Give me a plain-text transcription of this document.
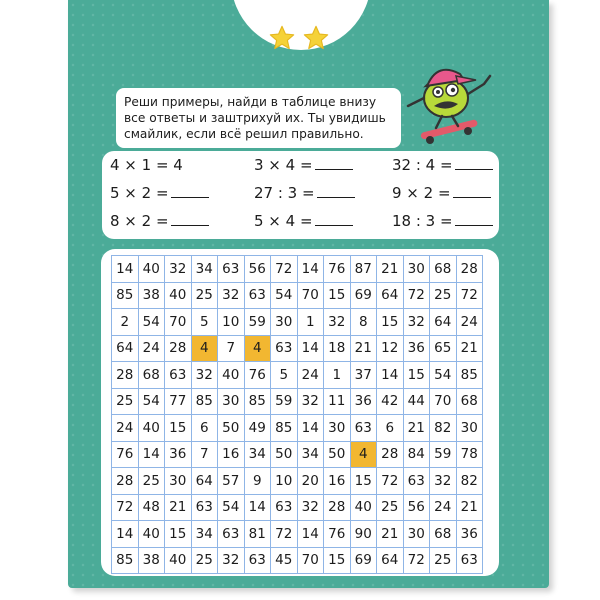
Реши примеры, найди в таблице внизу
все ответы и заштрихуй их. Ты увидишь
смайлик, если всё решил правильно.
4 × 1 = 4	3 × 4 =	32 : 4 =
5 × 2 =	27 : 3 =	9 × 2 =
8 × 2 =	5 × 4 =	18 : 3 =
14	40	32	34	63	56	72	14	76	87	21	30	68	28
85	38	40	25	32	63	54	70	15	69	64	72	25	72
2	54	70	5	10	59	30	1	32	8	15	32	64	24
64	24	28	4	7	4	63	14	18	21	12	36	65	21
28	68	63	32	40	76	5	24	1	37	14	15	54	85
25	54	77	85	30	85	59	32	11	36	42	44	70	68
24	40	15	6	50	49	85	14	30	63	6	21	82	30
76	14	36	7	16	34	50	34	50	4	28	84	59	78
28	25	30	64	57	9	10	20	16	15	72	63	32	82
72	48	21	63	54	14	63	32	28	40	25	56	24	21
14	40	15	34	63	81	72	14	76	90	21	30	68	36
85	38	40	25	32	63	45	70	15	69	64	72	25	63
